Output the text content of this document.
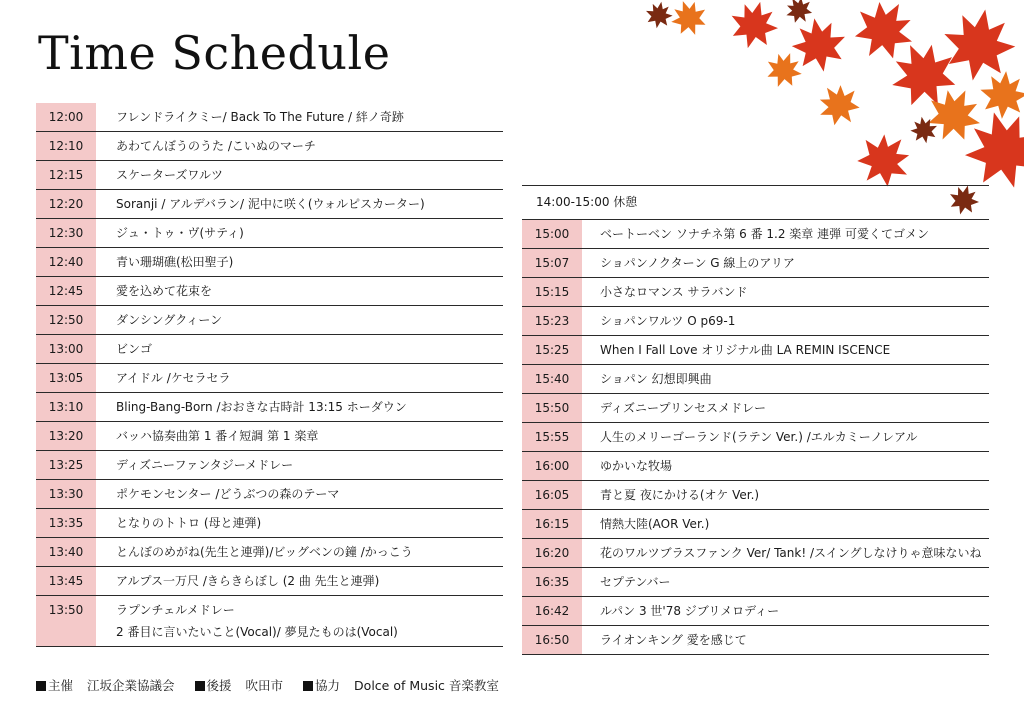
Time Schedule
12:00	フレンドライクミー/ Back To The Future / 絆ノ奇跡
12:10	あわてんぼうのうた /こいぬのマーチ
12:15	スケーターズワルツ
12:20	Soranji / アルデバラン/ 泥中に咲く(ウォルピスカーター)
12:30	ジュ・トゥ・ヴ(サティ)
12:40	青い珊瑚礁(松田聖子)
12:45	愛を込めて花束を
12:50	ダンシングクィーン
13:00	ビンゴ
13:05	アイドル /ケセラセラ
13:10	Bling-Bang-Born /おおきな古時計 13:15 ホーダウン
13:20	バッハ協奏曲第 1 番イ短調 第 1 楽章
13:25	ディズニーファンタジーメドレー
13:30	ポケモンセンター /どうぶつの森のテーマ
13:35	となりのトトロ (母と連弾)
13:40	とんぼのめがね(先生と連弾)/ビッグベンの鐘 /かっこう
13:45	アルプス一万尺 /きらきらぼし (2 曲 先生と連弾)
13:50	ラプンチェルメドレー
2 番目に言いたいこと(Vocal)/ 夢見たものは(Vocal)
14:00-15:00 休憩
15:00	ベートーベン ソナチネ第 6 番 1.2 楽章 連弾 可愛くてゴメン
15:07	ショパンノクターン G 線上のアリア
15:15	小さなロマンス サラバンド
15:23	ショパンワルツ O p69-1
15:25	When I Fall Love オリジナル曲 LA REMIN ISCENCE
15:40	ショパン 幻想即興曲
15:50	ディズニープリンセスメドレー
15:55	人生のメリーゴーランド(ラテン Ver.) /エルカミーノレアル
16:00	ゆかいな牧場
16:05	青と夏 夜にかける(オケ Ver.)
16:15	情熱大陸(AOR Ver.)
16:20	花のワルツブラスファンク Ver/ Tank! /スイングしなけりゃ意味ないね
16:35	セプテンバー
16:42	ルパン 3 世'78 ジブリメロディー
16:50	ライオンキング 愛を感じて
主催 江坂企業協議会	後援 吹田市	協力 Dolce of Music 音楽教室
